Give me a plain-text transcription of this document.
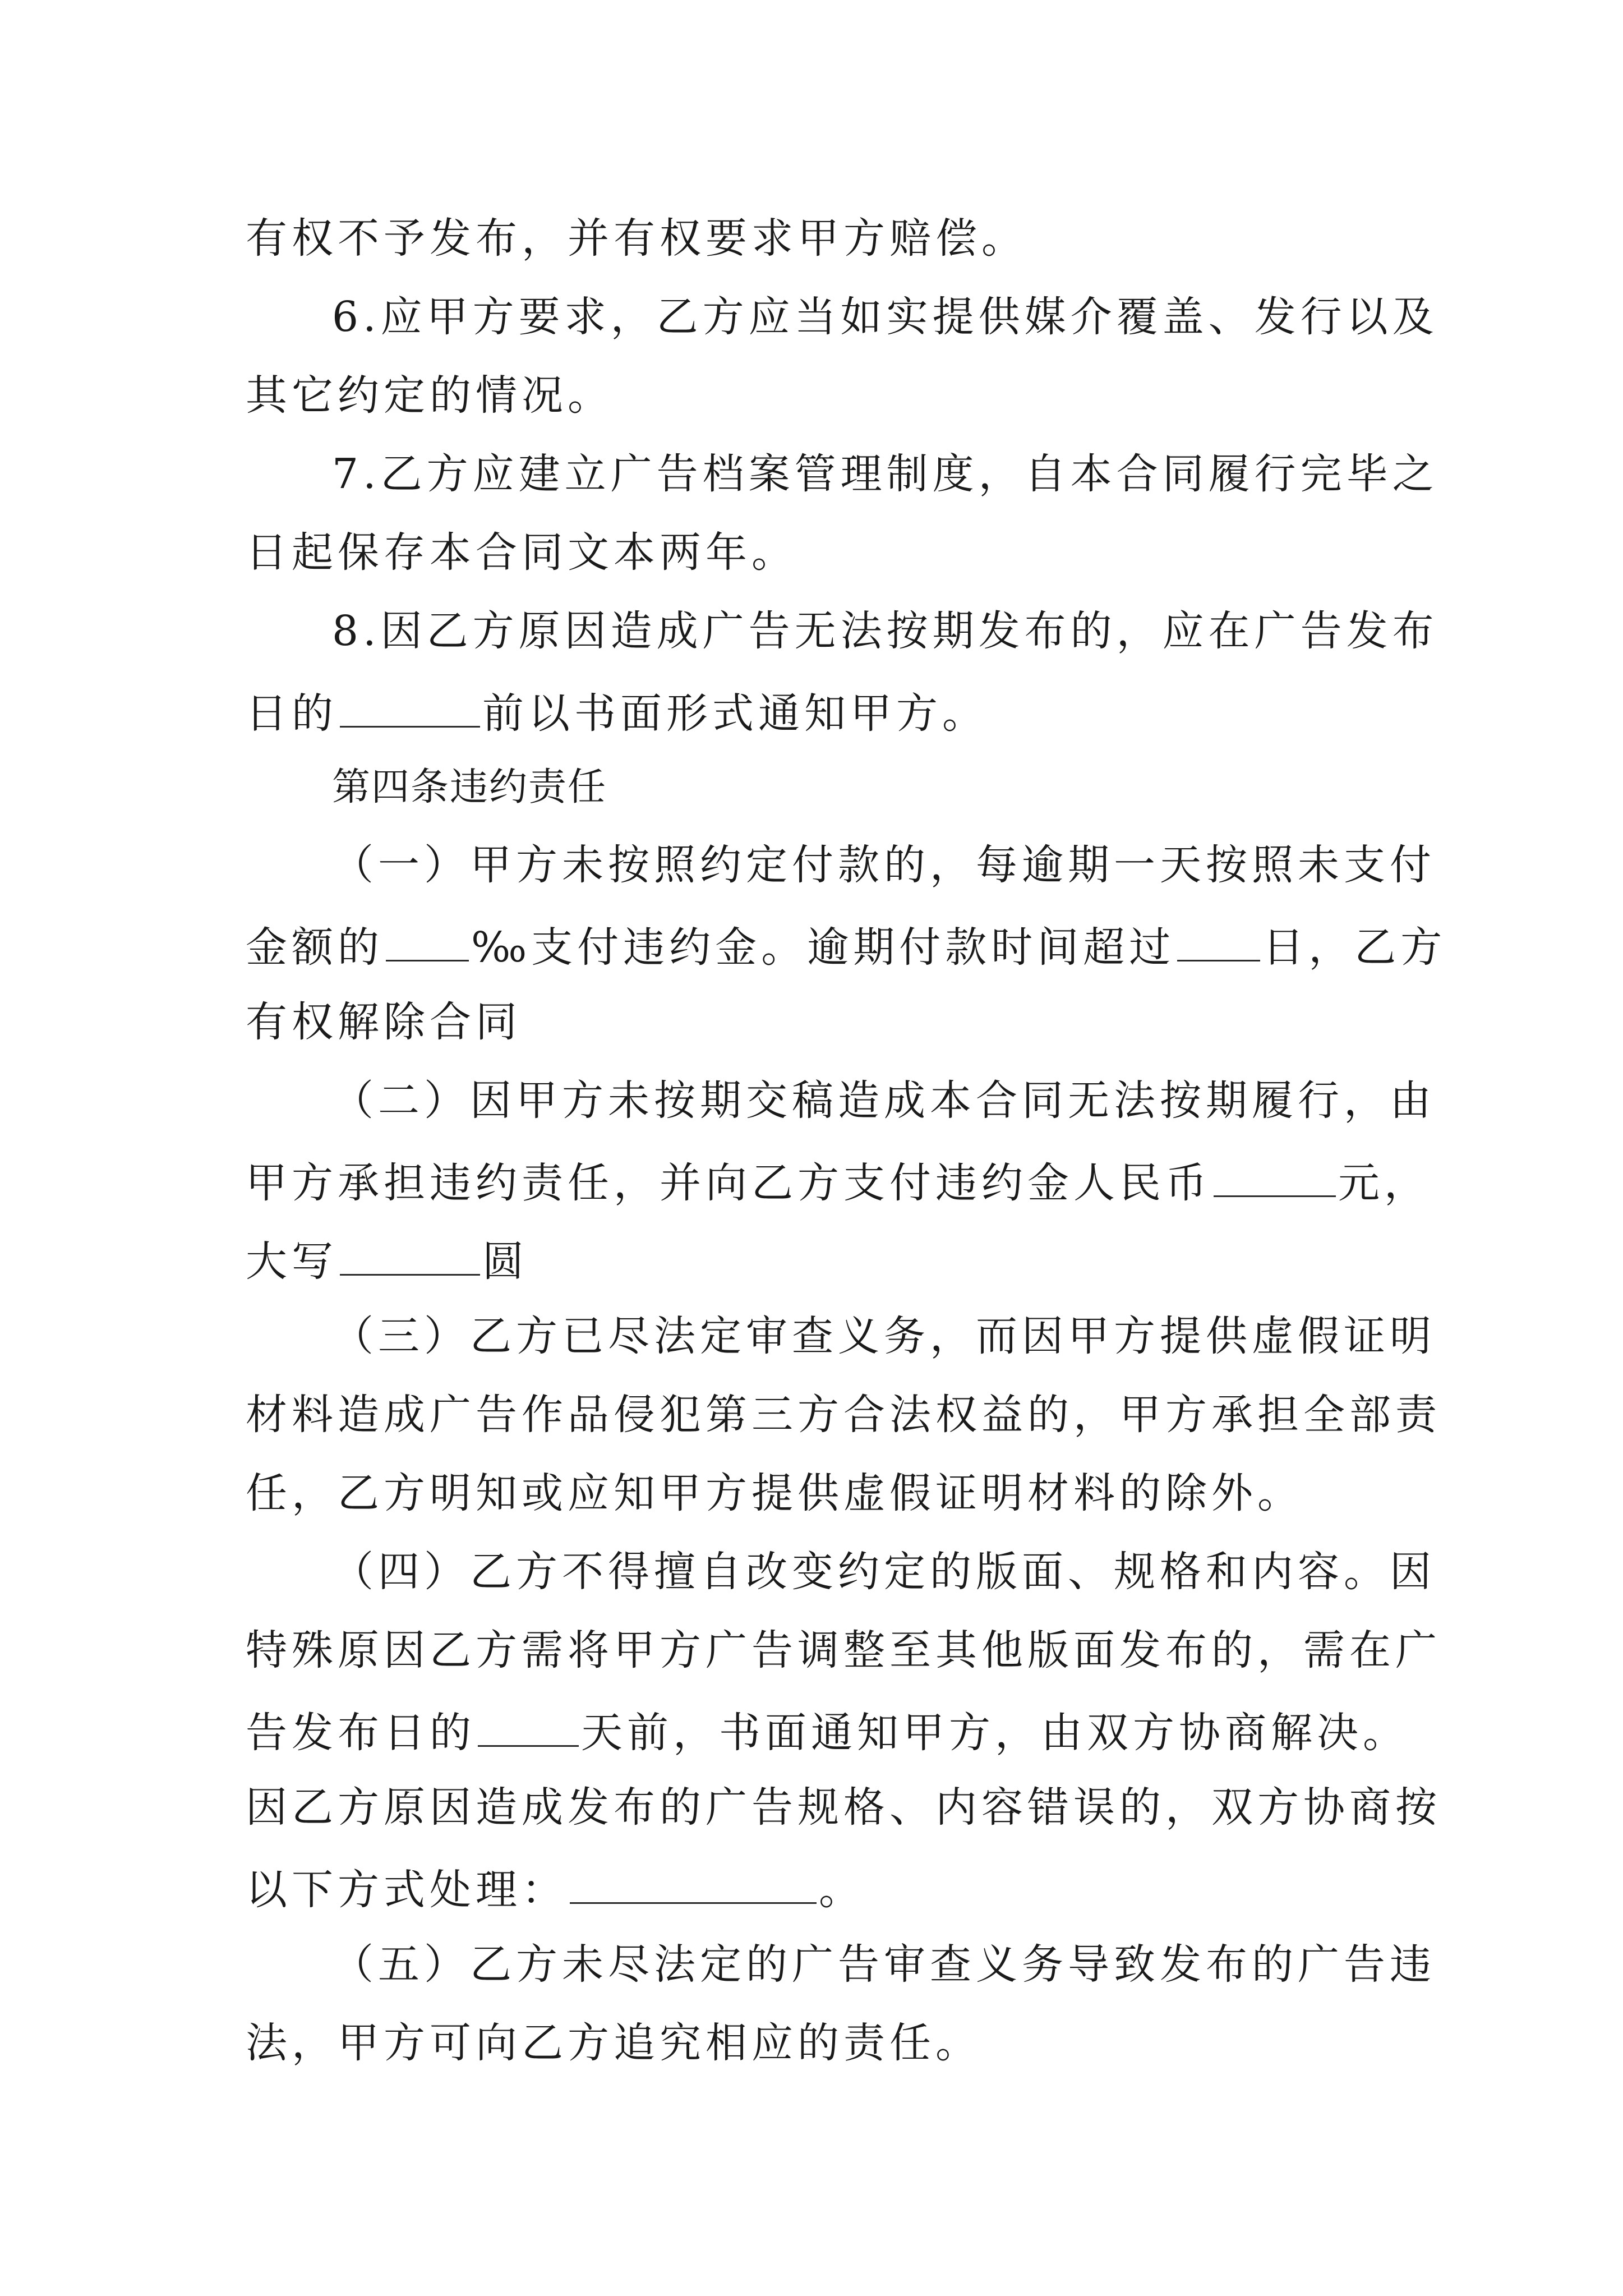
有权不予发布，并有权要求甲方赔偿。
6.应甲方要求，乙方应当如实提供媒介覆盖、发行以及
其它约定的情况。
7.乙方应建立广告档案管理制度，自本合同履行完毕之
日起保存本合同文本两年。
8.因乙方原因造成广告无法按期发布的，应在广告发布
日的	前以书面形式通知甲方。
第四条违约责任
（一）甲方未按照约定付款的，每逾期一天按照未支付
金额的 ‰支付违约金。逾期付款时间超过 日，乙方
有权解除合同
（二）因甲方未按期交稿造成本合同无法按期履行，由
甲方承担违约责任，并向乙方支付违约金人民币	元，
大写	圆
（三）乙方已尽法定审查义务，而因甲方提供虚假证明
材料造成广告作品侵犯第三方合法权益的，甲方承担全部责
任，乙方明知或应知甲方提供虚假证明材料的除外。
（四）乙方不得擅自改变约定的版面、规格和内容。因
特殊原因乙方需将甲方广告调整至其他版面发布的，需在广
告发布日的	天前，书面通知甲方，由双方协商解决。
因乙方原因造成发布的广告规格、内容错误的，双方协商按
以下方式处理：	。
（五）乙方未尽法定的广告审查义务导致发布的广告违
法，甲方可向乙方追究相应的责任。
